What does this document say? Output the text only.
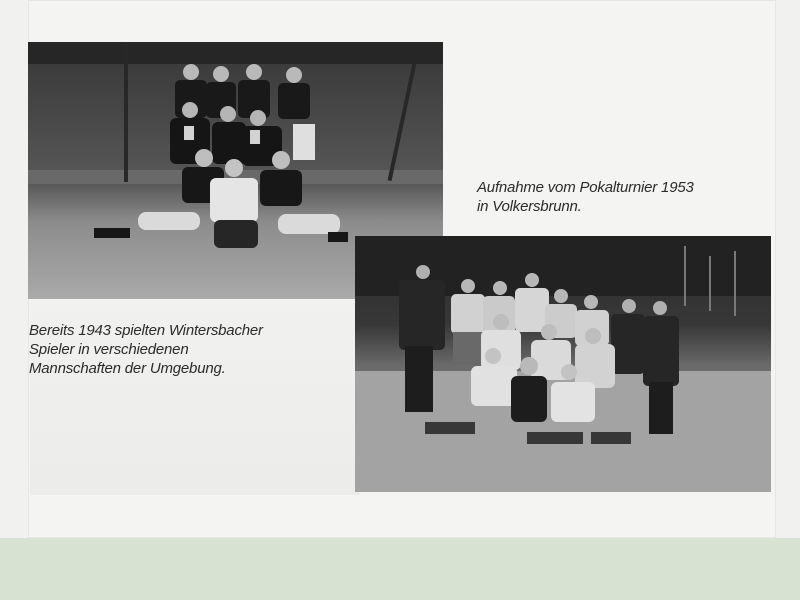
Aufnahme vom Pokalturnier 1953
in Volkersbrunn.
Bereits 1943 spielten Wintersbacher
Spieler in verschiedenen
Mannschaften der Umgebung.
